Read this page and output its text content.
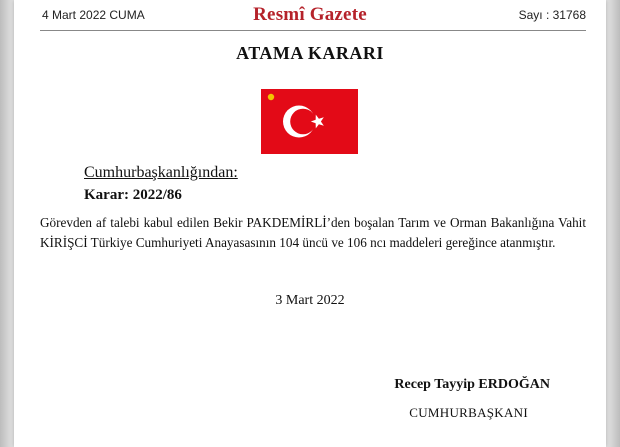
4 Mart 2022 CUMA	Resmî Gazete	Sayı : 31768
ATAMA KARARI
Cumhurbaşkanlığından:
Karar: 2022/86
Görevden af talebi kabul edilen Bekir PAKDEMİRLİ’den boşalan Tarım ve Orman Bakanlığına Vahit KİRİŞCİ Türkiye Cumhuriyeti Anayasasının 104 üncü ve 106 ncı maddeleri gereğince atanmıştır.
3 Mart 2022
Recep Tayyip ERDOĞAN
CUMHURBAŞKANI
